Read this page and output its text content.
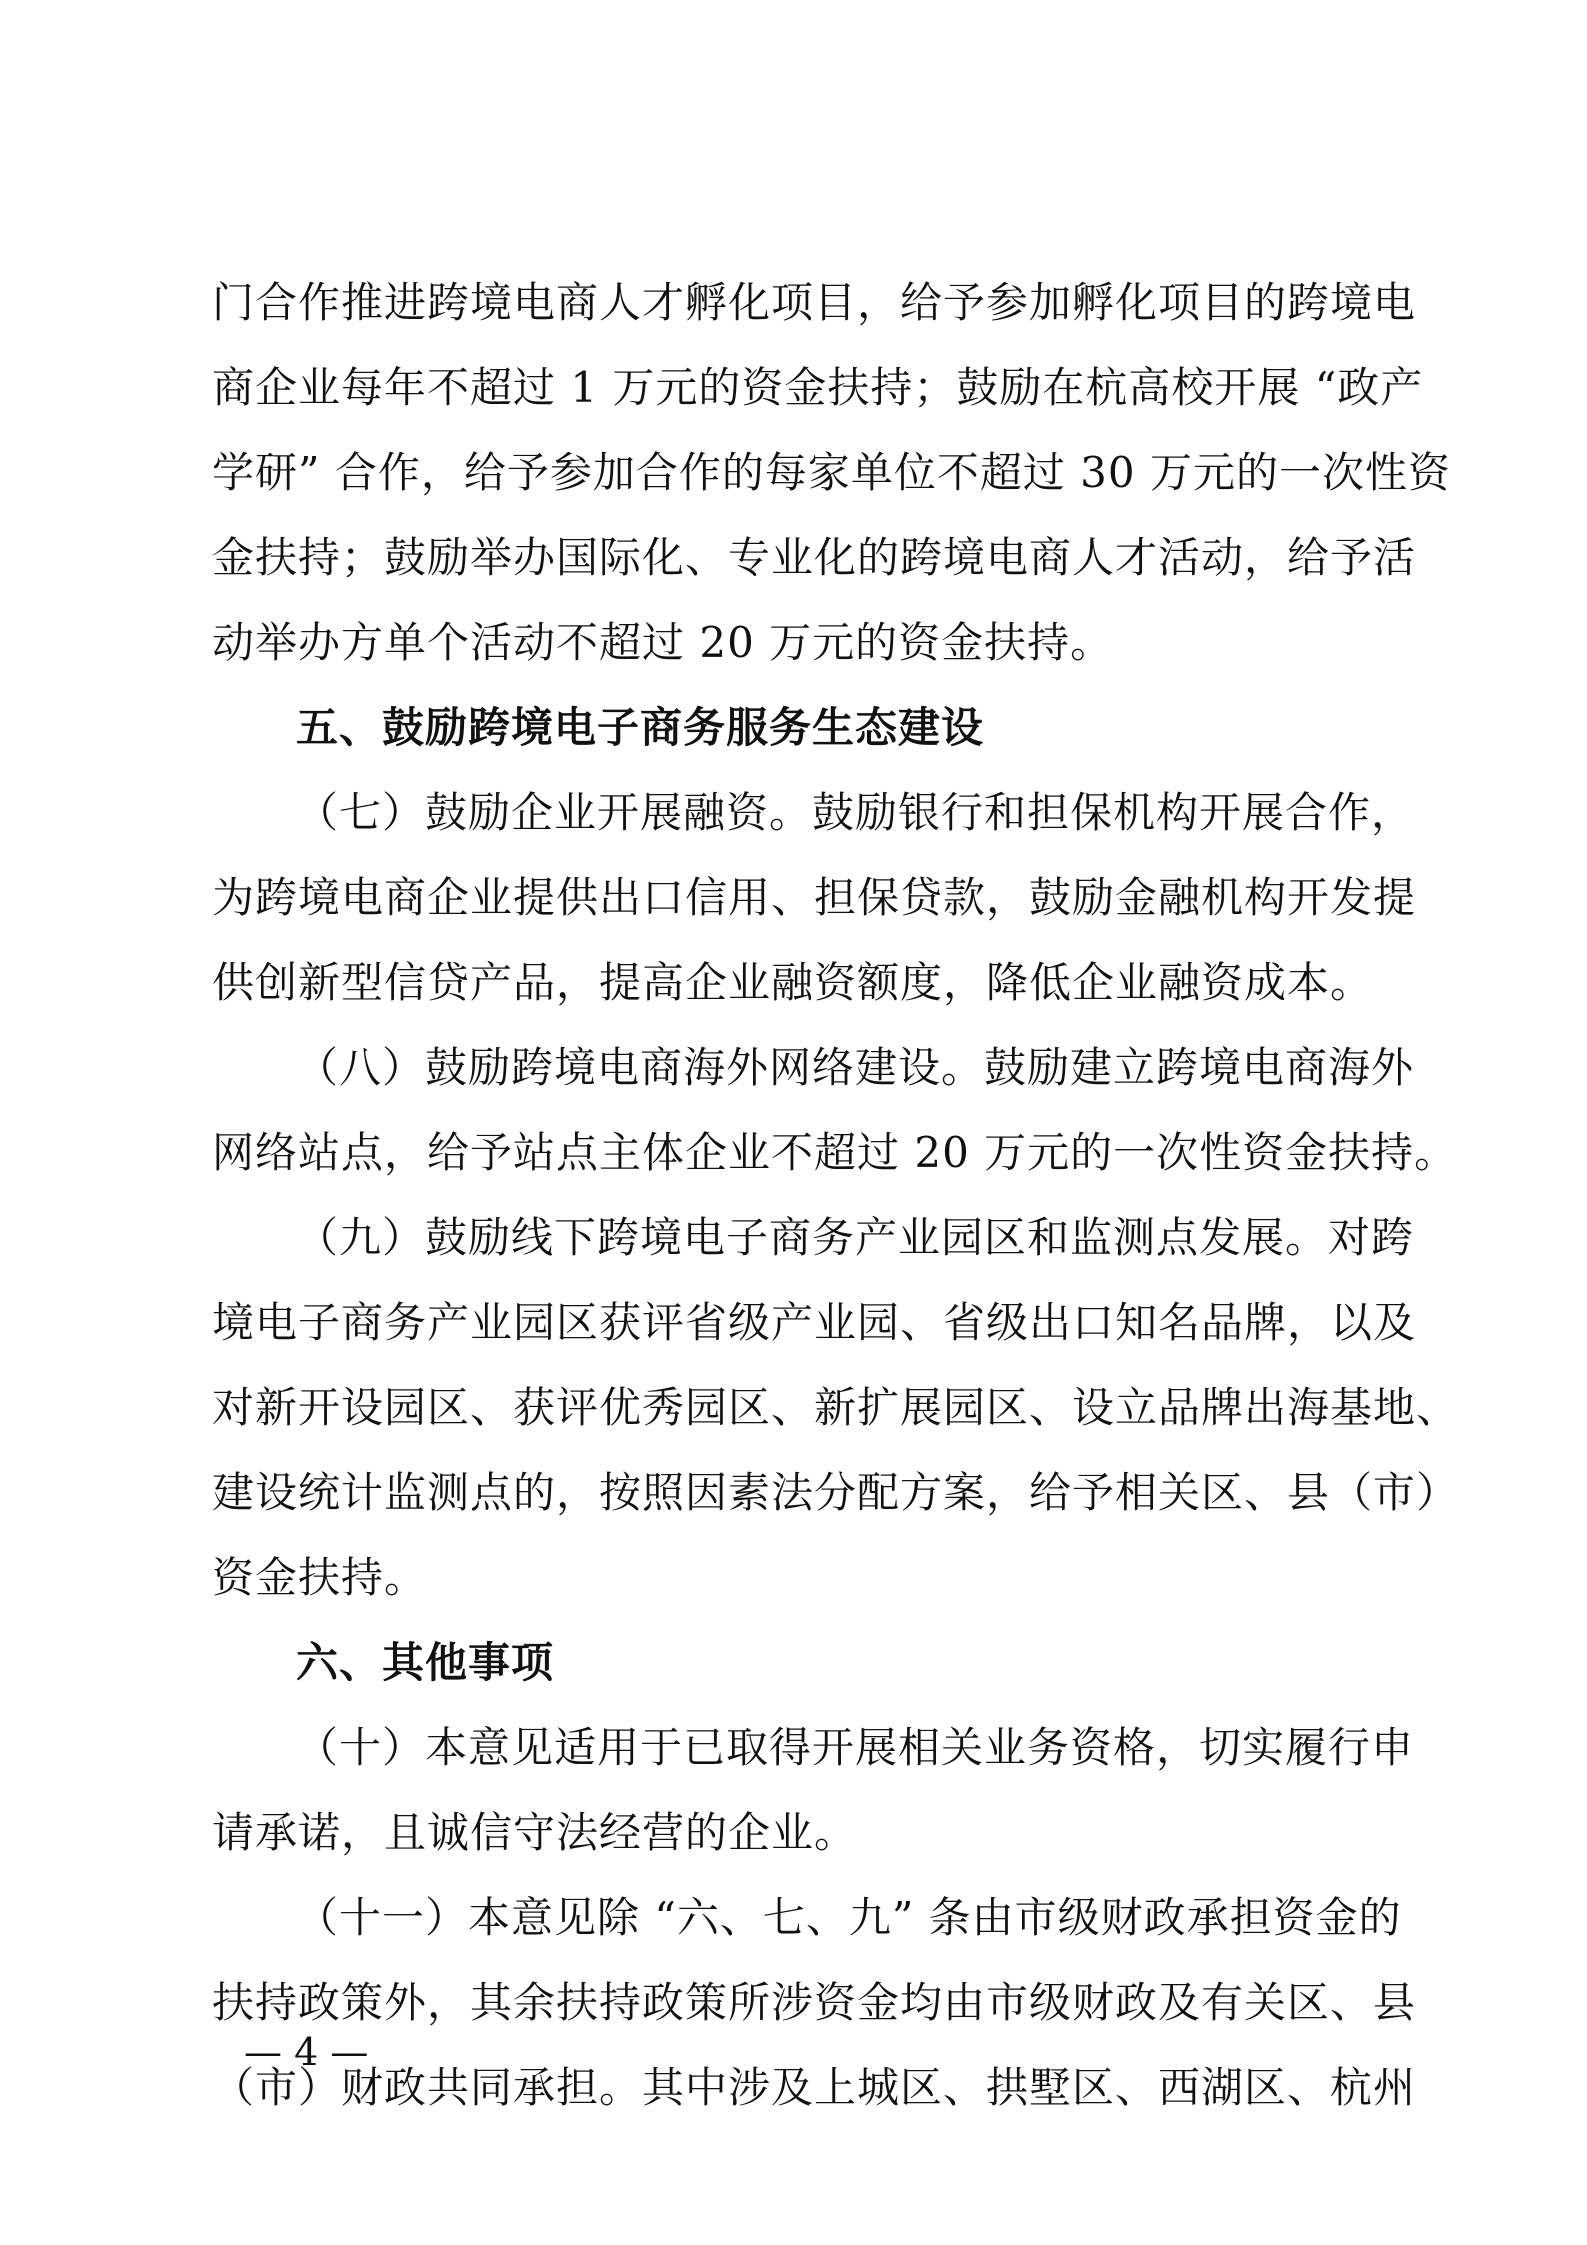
门合作推进跨境电商人才孵化项目，给予参加孵化项目的跨境电
商企业每年不超过 1 万元的资金扶持；鼓励在杭高校开展 “政产
学研” 合作，给予参加合作的每家单位不超过 30 万元的一次性资
金扶持；鼓励举办国际化、专业化的跨境电商人才活动，给予活
动举办方单个活动不超过 20 万元的资金扶持。
五、鼓励跨境电子商务服务生态建设
（七）鼓励企业开展融资。鼓励银行和担保机构开展合作，
为跨境电商企业提供出口信用、担保贷款，鼓励金融机构开发提
供创新型信贷产品，提高企业融资额度，降低企业融资成本。
（八）鼓励跨境电商海外网络建设。鼓励建立跨境电商海外
网络站点，给予站点主体企业不超过 20 万元的一次性资金扶持。
（九）鼓励线下跨境电子商务产业园区和监测点发展。对跨
境电子商务产业园区获评省级产业园、省级出口知名品牌，以及
对新开设园区、获评优秀园区、新扩展园区、设立品牌出海基地、
建设统计监测点的，按照因素法分配方案，给予相关区、县（市）
资金扶持。
六、其他事项
（十）本意见适用于已取得开展相关业务资格，切实履行申
请承诺，且诚信守法经营的企业。
（十一）本意见除 “六、七、九” 条由市级财政承担资金的
扶持政策外，其余扶持政策所涉资金均由市级财政及有关区、县
（市）财政共同承担。其中涉及上城区、拱墅区、西湖区、杭州
— 4 —
